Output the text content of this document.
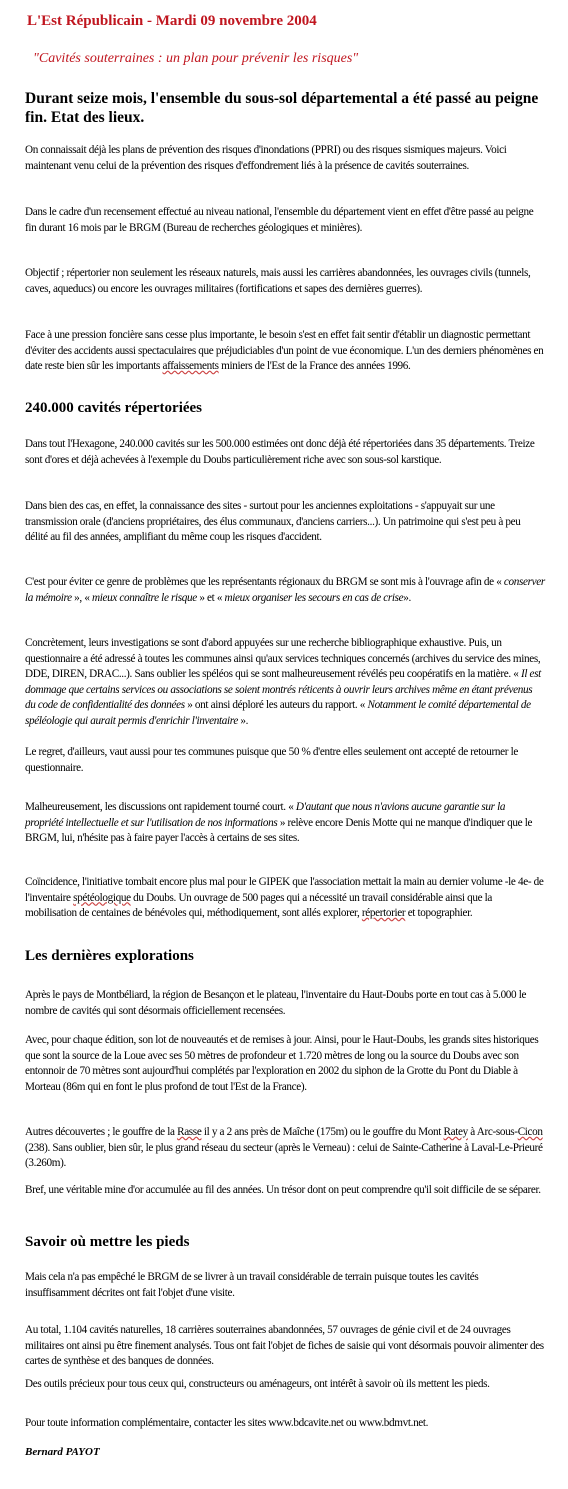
L'Est Républicain - Mardi 09 novembre 2004
"Cavités souterraines : un plan pour prévenir les risques"
Durant seize mois, l'ensemble du sous-sol départemental a été passé au peigne fin. Etat des lieux.

On connaissait déjà les plans de prévention des risques d'inondations (PPRI) ou des risques sismiques majeurs. Voici maintenant venu celui de la prévention des risques d'effondrement liés à la présence de cavités souterraines.

Dans le cadre d'un recensement effectué au niveau national, l'ensemble du département vient en effet d'être passé au peigne fin durant 16 mois par le BRGM (Bureau de recherches géologiques et minières).

Objectif ; répertorier non seulement les réseaux naturels, mais aussi les carrières abandonnées, les ouvrages civils (tunnels, caves, aqueducs) ou encore les ouvrages militaires (fortifications et sapes des dernières guerres).

Face à une pression foncière sans cesse plus importante, le besoin s'est en effet fait sentir d'établir un diagnostic permettant d'éviter des accidents aussi spectaculaires que préjudiciables d'un point de vue économique. L'un des derniers phénomènes en date reste bien sûr les importants affaissements miniers de l'Est de la France des années 1996.

240.000 cavités répertoriées

Dans tout l'Hexagone, 240.000 cavités sur les 500.000 estimées ont donc déjà été répertoriées dans 35 départements. Treize sont d'ores et déjà achevées à l'exemple du Doubs particulièrement riche avec son sous-sol karstique.

Dans bien des cas, en effet, la connaissance des sites - surtout pour les anciennes exploitations - s'appuyait sur une transmission orale (d'anciens propriétaires, des élus communaux, d'anciens carriers...). Un patrimoine qui s'est peu à peu délité au fil des années, amplifiant du même coup les risques d'accident.

C'est pour éviter ce genre de problèmes que les représentants régionaux du BRGM se sont mis à l'ouvrage afin de « conserver la mémoire », « mieux connaître le risque » et « mieux organiser les secours en cas de crise».

Concrètement, leurs investigations se sont d'abord appuyées sur une recherche bibliographique exhaustive. Puis, un questionnaire a été adressé à toutes les communes ainsi qu'aux services techniques concernés (archives du service des mines, DDE, DIREN, DRAC...). Sans oublier les spéléos qui se sont malheureusement révélés peu coopératifs en la matière. « Il est dommage que certains services ou associations se soient montrés réticents à ouvrir leurs archives même en étant prévenus du code de confidentialité des données » ont ainsi déploré les auteurs du rapport. « Notamment le comité départemental de spéléologie qui aurait permis d'enrichir l'inventaire ».

Le regret, d'ailleurs, vaut aussi pour tes communes puisque que 50 % d'entre elles seulement ont accepté de retourner le questionnaire.

Malheureusement, les discussions ont rapidement tourné court. « D'autant que nous n'avions aucune garantie sur la propriété intellectuelle et sur l'utilisation de nos informations » relève encore Denis Motte qui ne manque d'indiquer que le BRGM, lui, n'hésite pas à faire payer l'accès à certains de ses sites.

Coïncidence, l'initiative tombait encore plus mal pour le GIPEK que l'association mettait la main au dernier volume -le 4e- de l'inventaire spétéologique du Doubs. Un ouvrage de 500 pages qui a nécessité un travail considérable ainsi que la mobilisation de centaines de bénévoles qui, méthodiquement, sont allés explorer, répertorier et topographier.

Les dernières explorations

Après le pays de Montbéliard, la région de Besançon et le plateau, l'inventaire du Haut-Doubs porte en tout cas à 5.000 le nombre de cavités qui sont désormais officiellement recensées.

Avec, pour chaque édition, son lot de nouveautés et de remises à jour. Ainsi, pour le Haut-Doubs, les grands sites historiques que sont la source de la Loue avec ses 50 mètres de profondeur et 1.720 mètres de long ou la source du Doubs avec son entonnoir de 70 mètres sont aujourd'hui complétés par l'exploration en 2002 du siphon de la Grotte du Pont du Diable à Morteau (86m qui en font le plus profond de tout l'Est de la France).

Autres découvertes ; le gouffre de la Rasse il y a 2 ans près de Maîche (175m) ou le gouffre du Mont Ratey à Arc-sous-Cicon (238). Sans oublier, bien sûr, le plus grand réseau du secteur (après le Verneau) : celui de Sainte-Catherine à Laval-Le-Prieuré (3.260m).

Bref, une véritable mine d'or accumulée au fil des années. Un trésor dont on peut comprendre qu'il soit difficile de se séparer.

Savoir où mettre les pieds

Mais cela n'a pas empêché le BRGM de se livrer à un travail considérable de terrain puisque toutes les cavités insuffisamment décrites ont fait l'objet d'une visite.

Au total, 1.104 cavités naturelles, 18 carrières souterraines abandonnées, 57 ouvrages de génie civil et de 24 ouvrages militaires ont ainsi pu être finement analysés. Tous ont fait l'objet de fiches de saisie qui vont désormais pouvoir alimenter des cartes de synthèse et des banques de données.

Des outils précieux pour tous ceux qui, constructeurs ou aménageurs, ont intérêt à savoir où ils mettent les pieds.

Pour toute information complémentaire, contacter les sites www.bdcavite.net ou www.bdmvt.net.

Bernard PAYOT
